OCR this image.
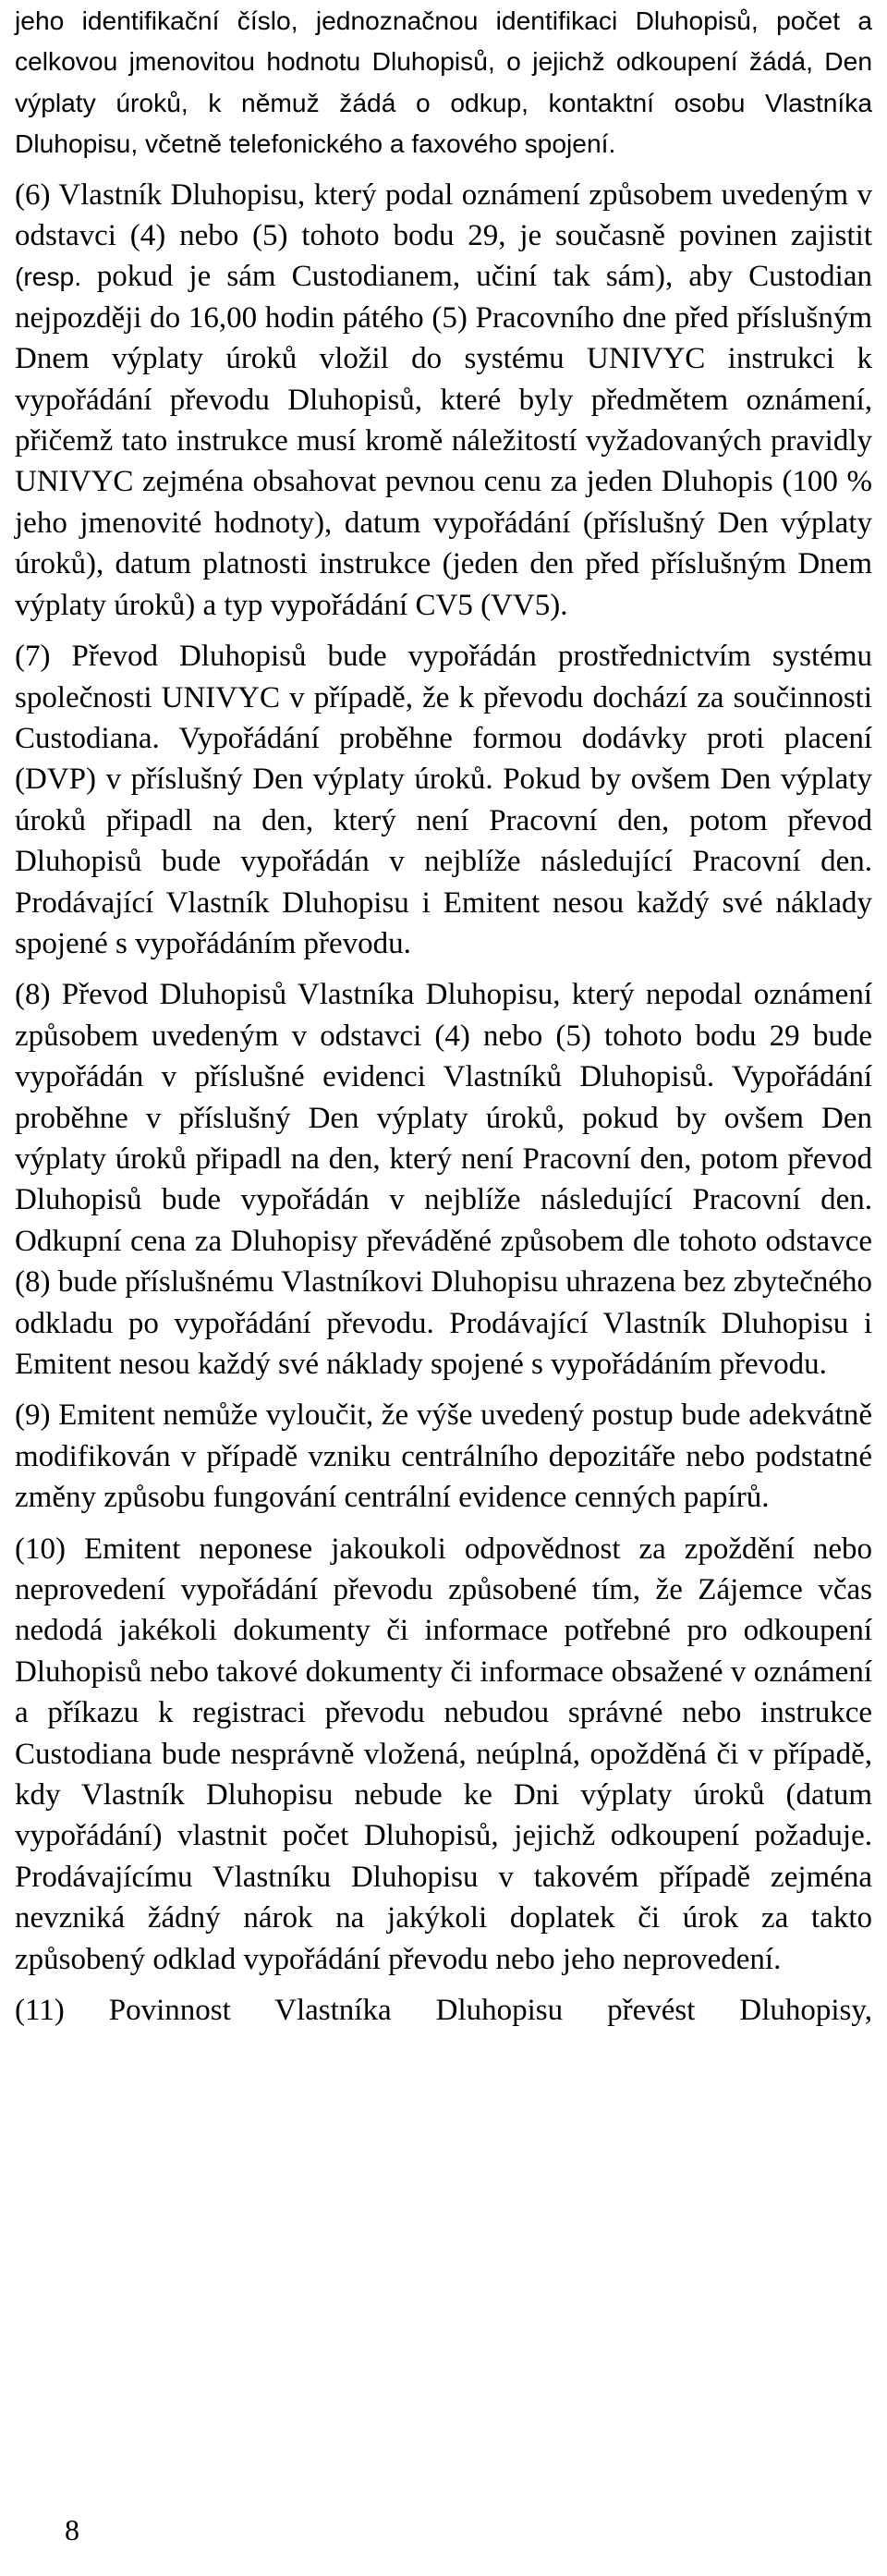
jeho identifikační číslo, jednoznačnou identifikaci Dluhopisů, počet a celkovou jmenovitou hodnotu Dluhopisů, o jejichž odkoupení žádá, Den výplaty úroků, k němuž žádá o odkup, kontaktní osobu Vlastníka Dluhopisu, včetně telefonického a faxového spojení.

(6) Vlastník Dluhopisu, který podal oznámení způsobem uvedeným v odstavci (4) nebo (5) tohoto bodu 29, je současně povinen zajistit (resp. pokud je sám Custodianem, učiní tak sám), aby Custodian nejpozději do 16,00 hodin pátého (5) Pracovního dne před příslušným Dnem výplaty úroků vložil do systému UNIVYC instrukci k vypořádání převodu Dluhopisů, které byly předmětem oznámení, přičemž tato instrukce musí kromě náležitostí vyžadovaných pravidly UNIVYC zejména obsahovat pevnou cenu za jeden Dluhopis (100 % jeho jmenovité hodnoty), datum vypořádání (příslušný Den výplaty úroků), datum platnosti instrukce (jeden den před příslušným Dnem výplaty úroků) a typ vypořádání CV5 (VV5).

(7) Převod Dluhopisů bude vypořádán prostřednictvím systému společnosti UNIVYC v případě, že k převodu dochází za součinnosti Custodiana. Vypořádání proběhne formou dodávky proti placení (DVP) v příslušný Den výplaty úroků. Pokud by ovšem Den výplaty úroků připadl na den, který není Pracovní den, potom převod Dluhopisů bude vypořádán v nejblíže následující Pracovní den. Prodávající Vlastník Dluhopisu i Emitent nesou každý své náklady spojené s vypořádáním převodu.

(8) Převod Dluhopisů Vlastníka Dluhopisu, který nepodal oznámení způsobem uvedeným v odstavci (4) nebo (5) tohoto bodu 29 bude vypořádán v příslušné evidenci Vlastníků Dluhopisů. Vypořádání proběhne v příslušný Den výplaty úroků, pokud by ovšem Den výplaty úroků připadl na den, který není Pracovní den, potom převod Dluhopisů bude vypořádán v nejblíže následující Pracovní den. Odkupní cena za Dluhopisy převáděné způsobem dle tohoto odstavce (8) bude příslušnému Vlastníkovi Dluhopisu uhrazena bez zbytečného odkladu po vypořádání převodu. Prodávající Vlastník Dluhopisu i Emitent nesou každý své náklady spojené s vypořádáním převodu.

(9) Emitent nemůže vyloučit, že výše uvedený postup bude adekvátně modifikován v případě vzniku centrálního depozitáře nebo podstatné změny způsobu fungování centrální evidence cenných papírů.

(10) Emitent neponese jakoukoli odpovědnost za zpoždění nebo neprovedení vypořádání převodu způsobené tím, že Zájemce včas nedodá jakékoli dokumenty či informace potřebné pro odkoupení Dluhopisů nebo takové dokumenty či informace obsažené v oznámení a příkazu k registraci převodu nebudou správné nebo instrukce Custodiana bude nesprávně vložená, neúplná, opožděná či v případě, kdy Vlastník Dluhopisu nebude ke Dni výplaty úroků (datum vypořádání) vlastnit počet Dluhopisů, jejichž odkoupení požaduje. Prodávajícímu Vlastníku Dluhopisu v takovém případě zejména nevzniká žádný nárok na jakýkoli doplatek či úrok za takto způsobený odklad vypořádání převodu nebo jeho neprovedení.

(11) Povinnost Vlastníka Dluhopisu převést Dluhopisy,

8
